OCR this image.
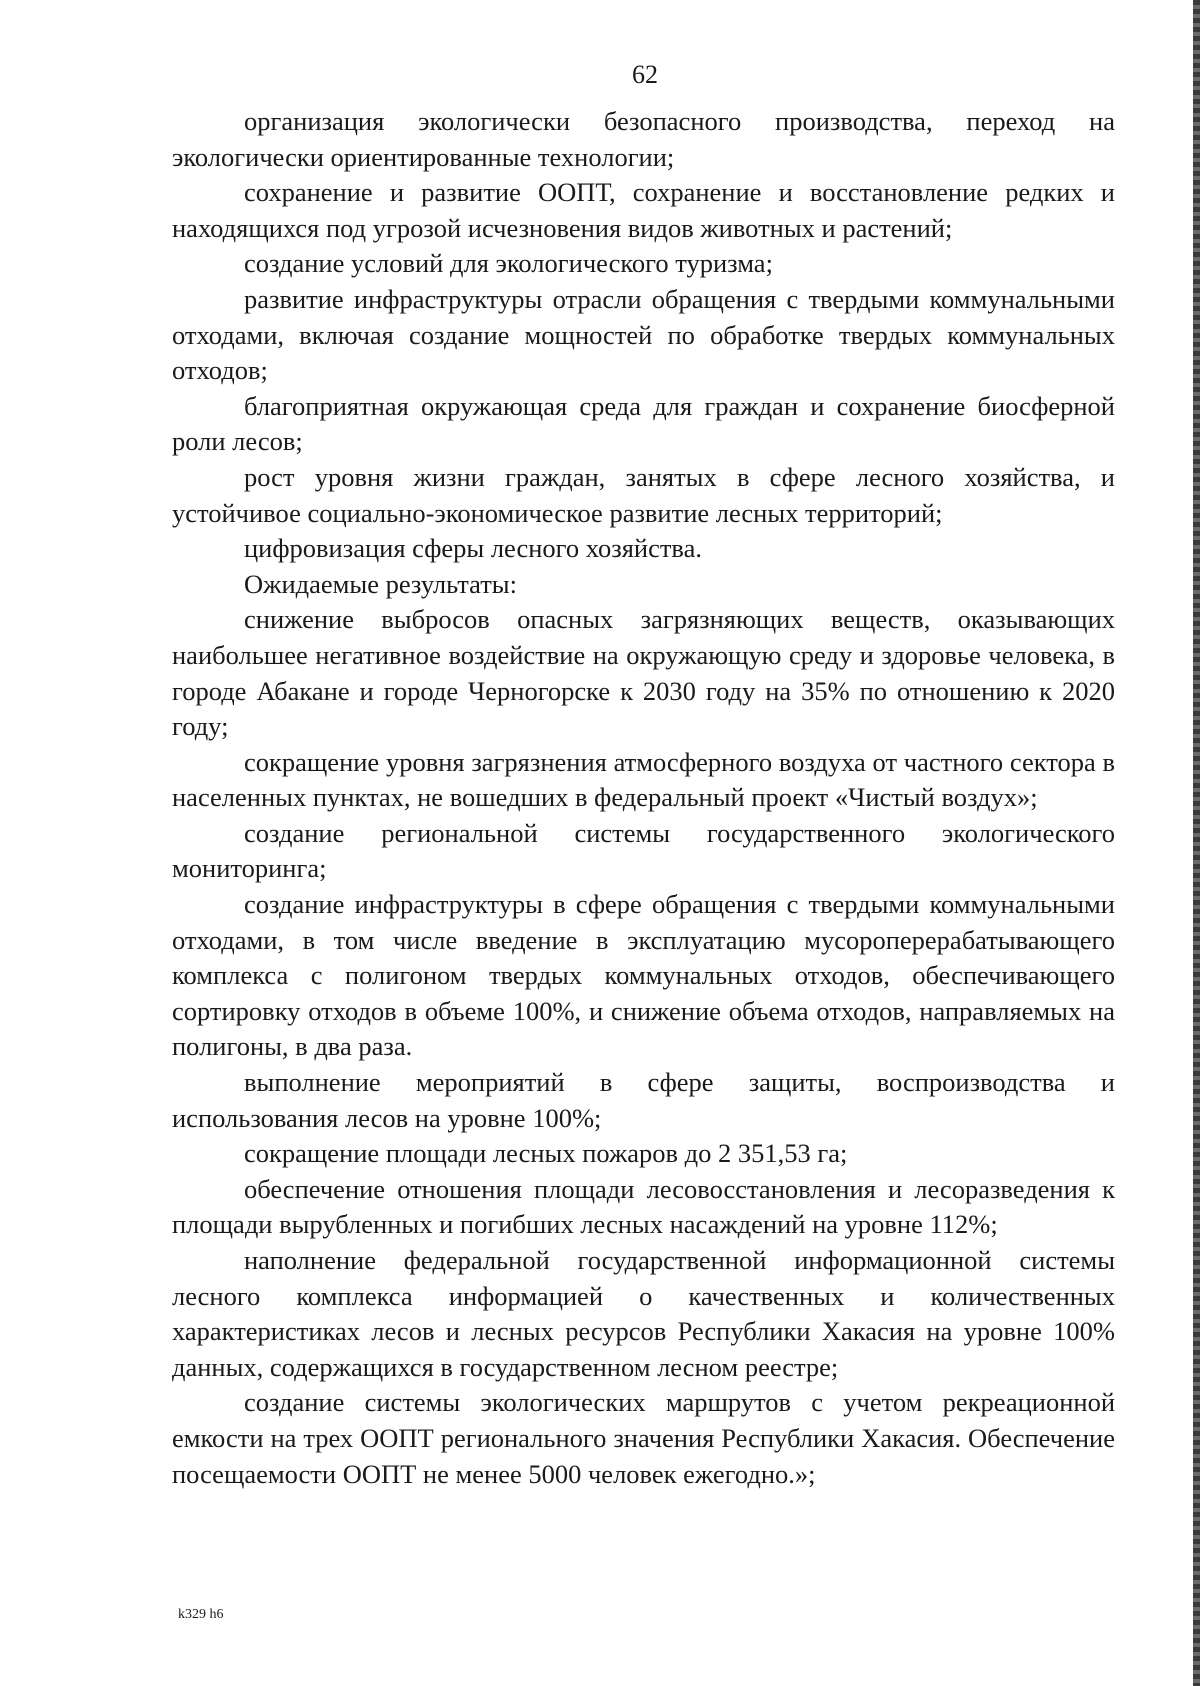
62

организация экологически безопасного производства, переход на экологически ориентированные технологии;

сохранение и развитие ООПТ, сохранение и восстановление редких и находящихся под угрозой исчезновения видов животных и растений;

создание условий для экологического туризма;

развитие инфраструктуры отрасли обращения с твердыми коммунальными отходами, включая создание мощностей по обработке твердых коммунальных отходов;

благоприятная окружающая среда для граждан и сохранение биосферной роли лесов;

рост уровня жизни граждан, занятых в сфере лесного хозяйства, и устойчивое социально-экономическое развитие лесных территорий;

цифровизация сферы лесного хозяйства.

Ожидаемые результаты:

снижение выбросов опасных загрязняющих веществ, оказывающих наибольшее негативное воздействие на окружающую среду и здоровье человека, в городе Абакане и городе Черногорске к 2030 году на 35% по отношению к 2020 году;

сокращение уровня загрязнения атмосферного воздуха от частного сектора в населенных пунктах, не вошедших в федеральный проект «Чистый воздух»;

создание региональной системы государственного экологического мониторинга;

создание инфраструктуры в сфере обращения с твердыми коммунальными отходами, в том числе введение в эксплуатацию мусороперерабатывающего комплекса с полигоном твердых коммунальных отходов, обеспечивающего сортировку отходов в объеме 100%, и снижение объема отходов, направляемых на полигоны, в два раза.

выполнение мероприятий в сфере защиты, воспроизводства и использования лесов на уровне 100%;

сокращение площади лесных пожаров до 2 351,53 га;

обеспечение отношения площади лесовосстановления и лесоразведения к площади вырубленных и погибших лесных насаждений на уровне 112%;

наполнение федеральной государственной информационной системы лесного комплекса информацией о качественных и количественных характеристиках лесов и лесных ресурсов Республики Хакасия на уровне 100% данных, содержащихся в государственном лесном реестре;

создание системы экологических маршрутов с учетом рекреационной емкости на трех ООПТ регионального значения Республики Хакасия. Обеспечение посещаемости ООПТ не менее 5000 человек ежегодно.»;

k329 h6
